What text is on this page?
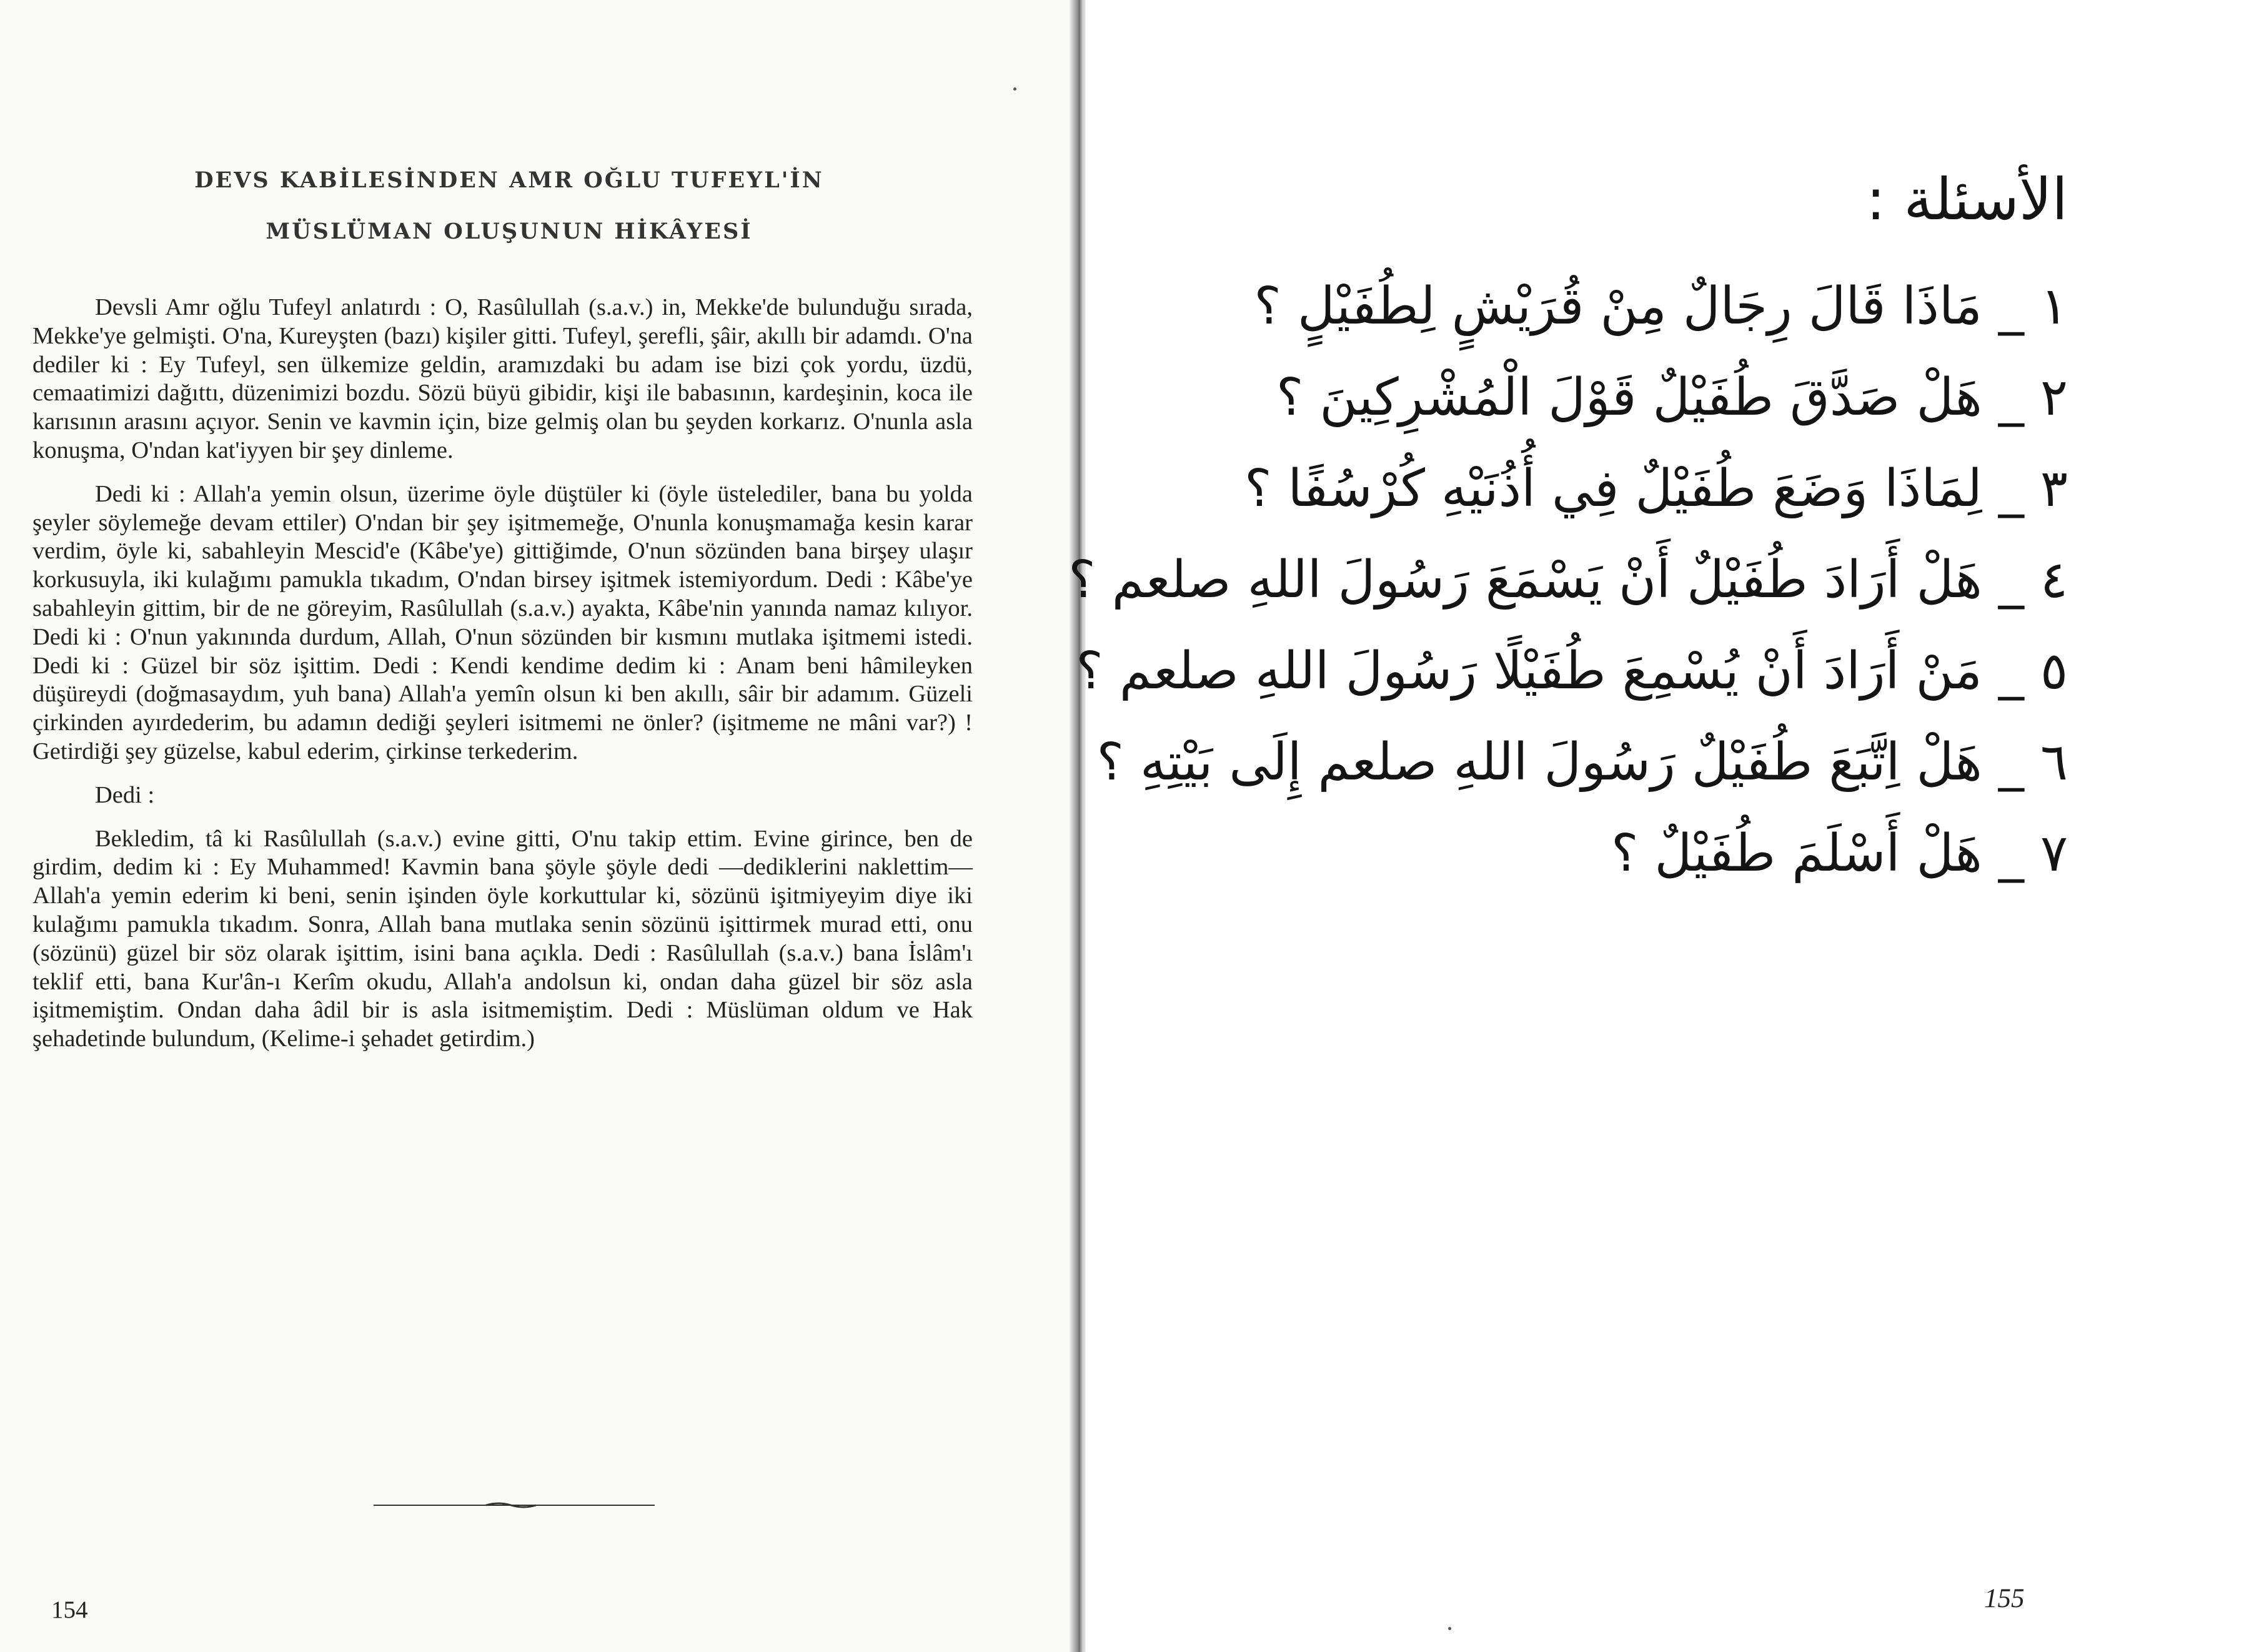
DEVS KABİLESİNDEN AMR OĞLU TUFEYL'İN
MÜSLÜMAN OLUŞUNUN HİKÂYESİ

Devsli Amr oğlu Tufeyl anlatırdı : O, Rasûlullah (s.a.v.) in, Mekke'de bulunduğu sırada, Mekke'ye gelmişti. O'na, Kureyşten (bazı) kişiler gitti. Tufeyl, şerefli, şâir, akıllı bir adamdı. O'na dediler ki : Ey Tufeyl, sen ülkemize geldin, aramızdaki bu adam ise bizi çok yordu, üzdü, cemaatimizi dağıttı, düzenimizi bozdu. Sözü büyü gibidir, kişi ile babasının, kardeşinin, koca ile karısının arasını açıyor. Senin ve kavmin için, bize gelmiş olan bu şeyden korkarız. O'nunla asla konuşma, O'ndan kat'iyyen bir şey dinleme.

Dedi ki : Allah'a yemin olsun, üzerime öyle düştüler ki (öyle üstelediler, bana bu yolda şeyler söylemeğe devam ettiler) O'ndan bir şey işitmemeğe, O'nunla konuşmamağa kesin karar verdim, öyle ki, sabahleyin Mescid'e (Kâbe'ye) gittiğimde, O'nun sözünden bana birşey ulaşır korkusuyla, iki kulağımı pamukla tıkadım, O'ndan birsey işitmek istemiyordum. Dedi : Kâbe'ye sabahleyin gittim, bir de ne göreyim, Rasûlullah (s.a.v.) ayakta, Kâbe'nin yanında namaz kılıyor. Dedi ki : O'nun yakınında durdum, Allah, O'nun sözünden bir kısmını mutlaka işitmemi istedi. Dedi ki : Güzel bir söz işittim. Dedi : Kendi kendime dedim ki : Anam beni hâmileyken düşüreydi (doğmasaydım, yuh bana) Allah'a yemîn olsun ki ben akıllı, sâir bir adamım. Güzeli çirkinden ayırdederim, bu adamın dediği şeyleri isitmemi ne önler? (işitmeme ne mâni var?) ! Getirdiği şey güzelse, kabul ederim, çirkinse terkederim.

Dedi :

Bekledim, tâ ki Rasûlullah (s.a.v.) evine gitti, O'nu takip ettim. Evine girince, ben de girdim, dedim ki : Ey Muhammed! Kavmin bana şöyle şöyle dedi —dediklerini naklettim— Allah'a yemin ederim ki beni, senin işinden öyle korkuttular ki, sözünü işitmiyeyim diye iki kulağımı pamukla tıkadım. Sonra, Allah bana mutlaka senin sözünü işittirmek murad etti, onu (sözünü) güzel bir söz olarak işittim, isini bana açıkla. Dedi : Rasûlullah (s.a.v.) bana İslâm'ı teklif etti, bana Kur'ân-ı Kerîm okudu, Allah'a andolsun ki, ondan daha güzel bir söz asla işitmemiştim. Ondan daha âdil bir is asla isitmemiştim. Dedi : Müslüman oldum ve Hak şehadetinde bulundum, (Kelime-i şehadet getirdim.)

154
الأسئلة :
١ _ مَاذَا قَالَ رِجَالٌ مِنْ قُرَيْشٍ لِطُفَيْلٍ ؟
٢ _ هَلْ صَدَّقَ طُفَيْلٌ قَوْلَ الْمُشْرِكِينَ ؟
٣ _ لِمَاذَا وَضَعَ طُفَيْلٌ فِي أُذُنَيْهِ كُرْسُفًا ؟
٤ _ هَلْ أَرَادَ طُفَيْلٌ أَنْ يَسْمَعَ رَسُولَ اللهِ صلعم ؟
٥ _ مَنْ أَرَادَ أَنْ يُسْمِعَ طُفَيْلًا رَسُولَ اللهِ صلعم ؟
٦ _ هَلْ اِتَّبَعَ طُفَيْلٌ رَسُولَ اللهِ صلعم إِلَى بَيْتِهِ ؟
٧ _ هَلْ أَسْلَمَ طُفَيْلٌ ؟
155
